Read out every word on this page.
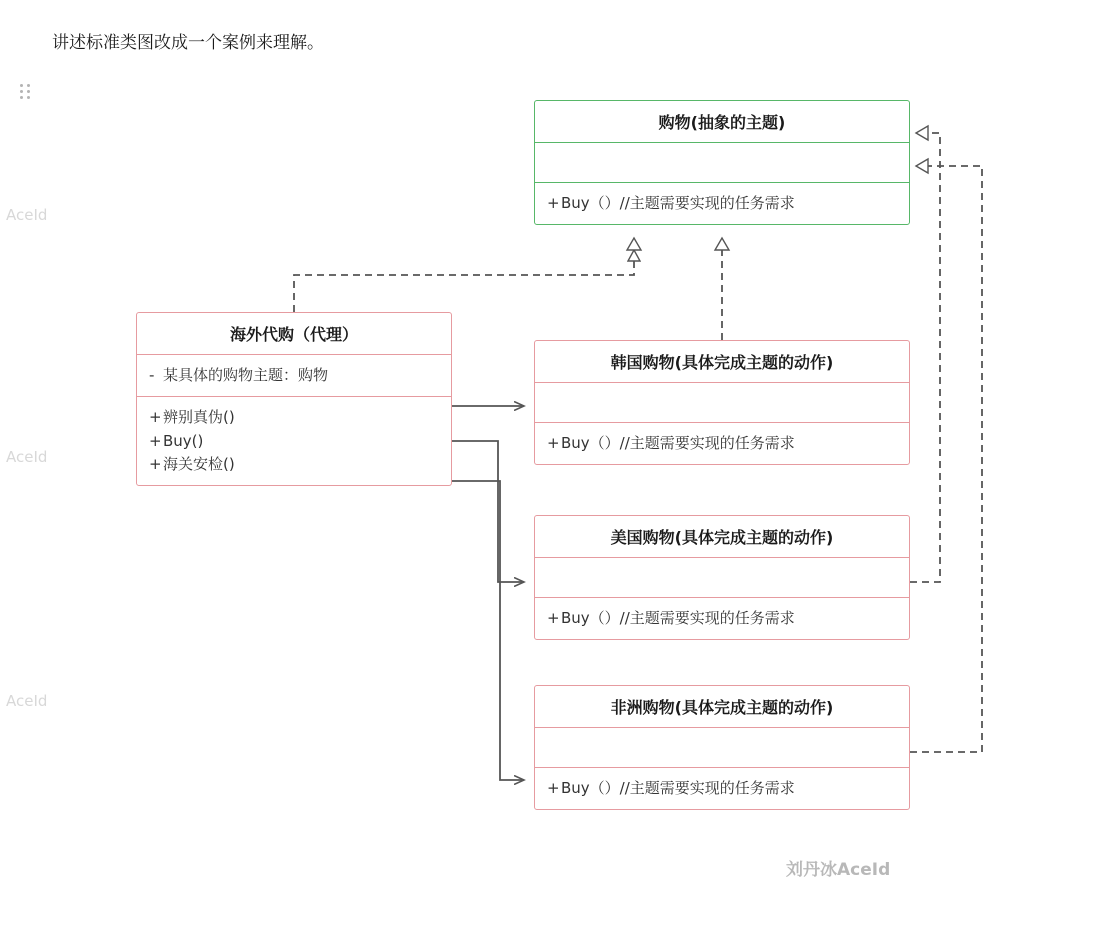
讲述标准类图改成一个案例来理解。
AceId
AceId
AceId
购物(抽象的主题)
+Buy（）//主题需要实现的任务需求
海外代购（代理）
- 某具体的购物主题：购物
+辨别真伪()
+Buy()
+海关安检()
韩国购物(具体完成主题的动作)
+Buy（）//主题需要实现的任务需求
美国购物(具体完成主题的动作)
+Buy（）//主题需要实现的任务需求
非洲购物(具体完成主题的动作)
+Buy（）//主题需要实现的任务需求
刘丹冰AceId
